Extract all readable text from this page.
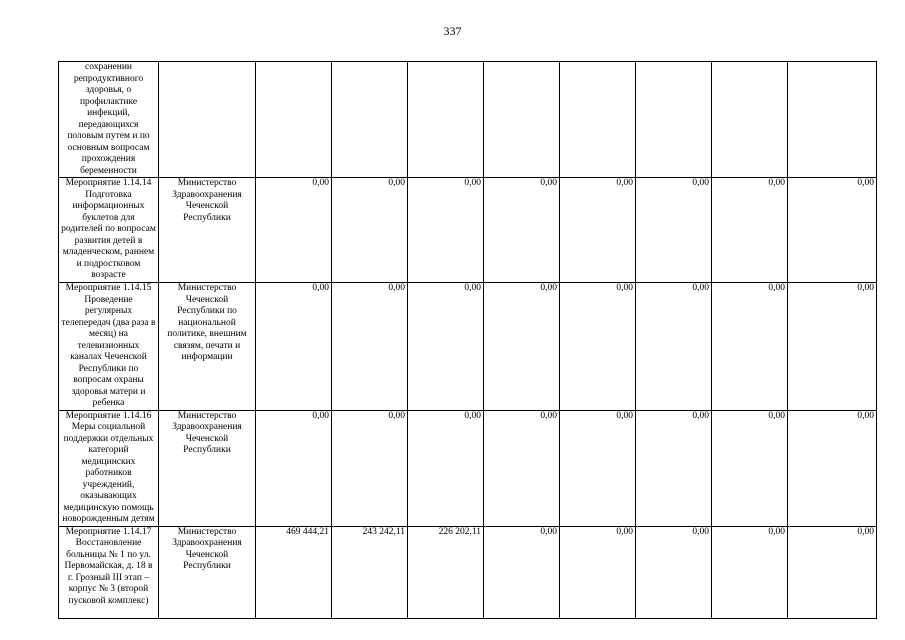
337
сохранении репродуктивного здоровья, о профилактике инфекций, передающихся половым путем и по основным вопросам прохождения беременности									
Мероприятие 1.14.14 Подготовка информационных буклетов для родителей по вопросам развития детей в младенческом, раннем и подростковом возрасте	Министерство Здравоохранения Чеченской Республики	0,00	0,00	0,00	0,00	0,00	0,00	0,00	0,00
Мероприятие 1.14.15 Проведение регулярных телепередач (два раза в месяц) на телевизионных каналах Чеченской Республики по вопросам охраны здоровья матери и ребенка	Министерство Чеченской Республики по национальной политике, внешним связям, печати и информации	0,00	0,00	0,00	0,00	0,00	0,00	0,00	0,00
Мероприятие 1.14.16 Меры социальной поддержки отдельных категорий медицинских работников учреждений, оказывающих медицинскую помощь новорожденным детям	Министерство Здравоохранения Чеченской Республики	0,00	0,00	0,00	0,00	0,00	0,00	0,00	0,00
Мероприятие 1.14.17 Восстановление больницы № 1 по ул. Первомайская, д. 18 в г. Грозный III этап – корпус № 3 (второй пусковой комплекс)	Министерство Здравоохранения Чеченской Республики	469 444,21	243 242,11	226 202,11	0,00	0,00	0,00	0,00	0,00
